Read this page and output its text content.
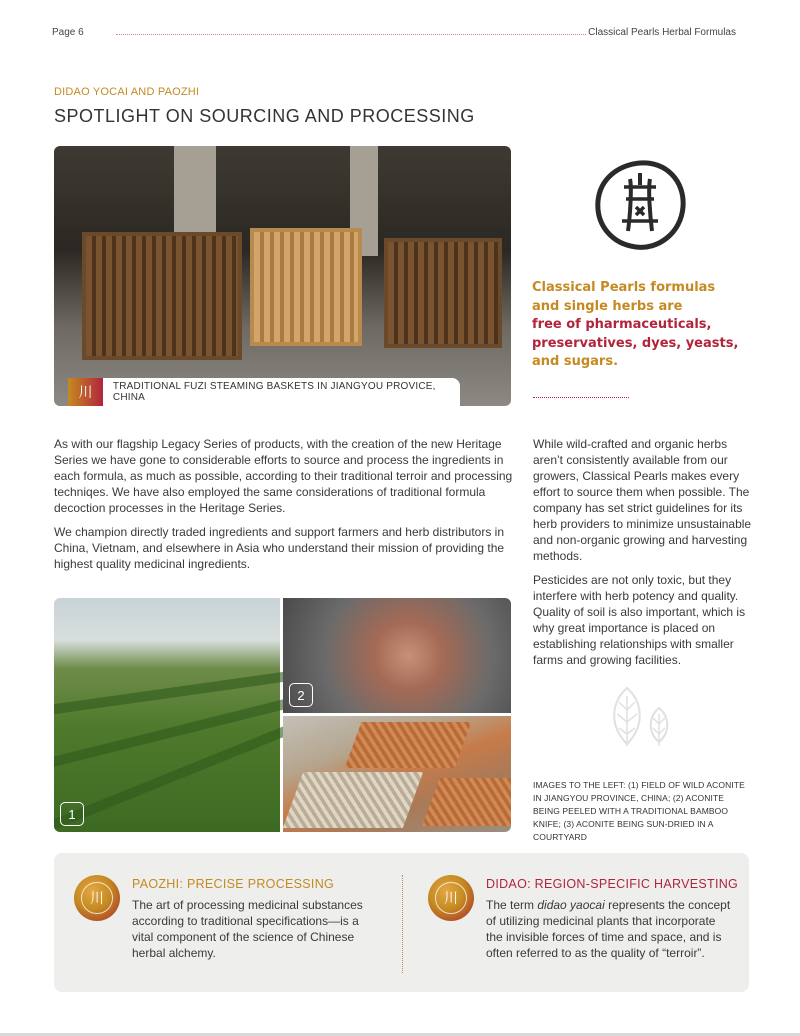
Page 6	Classical Pearls Herbal Formulas
DIDAO YOCAI AND PAOZHI
SPOTLIGHT ON SOURCING AND PROCESSING
川	TRADITIONAL FUZI STEAMING BASKETS IN JIANGYOU PROVICE, CHINA
Classical Pearls formulas
and single herbs are
free of pharmaceuticals,
preservatives, dyes, yeasts,
and sugars.

As with our flagship Legacy Series of products, with the creation of the new Heritage Series we have gone to considerable efforts to source and process the ingredients in each formula, as much as possible, according to their traditional terroir and processing techniqes. We have also employed the same considerations of traditional formula decoction processes in the Heritage Series.

We champion directly traded ingredients and support farmers and herb distributors in China, Vietnam, and elsewhere in Asia who understand their mission of providing the highest quality medicinal ingredients.

While wild-crafted and organic herbs aren’t consistently available from our growers, Classical Pearls makes every effort to source them when possible. The company has set strict guidelines for its herb providers to minimize unsustainable and non-organic growing and harvesting methods.

Pesticides are not only toxic, but they interfere with herb potency and quality. Quality of soil is also important, which is why great importance is placed on establishing relationships with smaller farms and growing facilities.

1
2
IMAGES TO THE LEFT: (1) FIELD OF WILD ACONITE IN JIANGYOU PROVINCE, CHINA; (2) ACONITE BEING PEELED WITH A TRADITIONAL BAMBOO KNIFE; (3) ACONITE BEING SUN-DRIED IN A COURTYARD
川
PAOZHI: PRECISE PROCESSING
The art of processing medicinal substances according to traditional specifications—is a vital component of the science of Chinese herbal alchemy.
川
DIDAO: REGION-SPECIFIC HARVESTING
The term didao yaocai represents the concept of utilizing medicinal plants that incorporate the invisible forces of time and space, and is often referred to as the quality of “terroir”.
